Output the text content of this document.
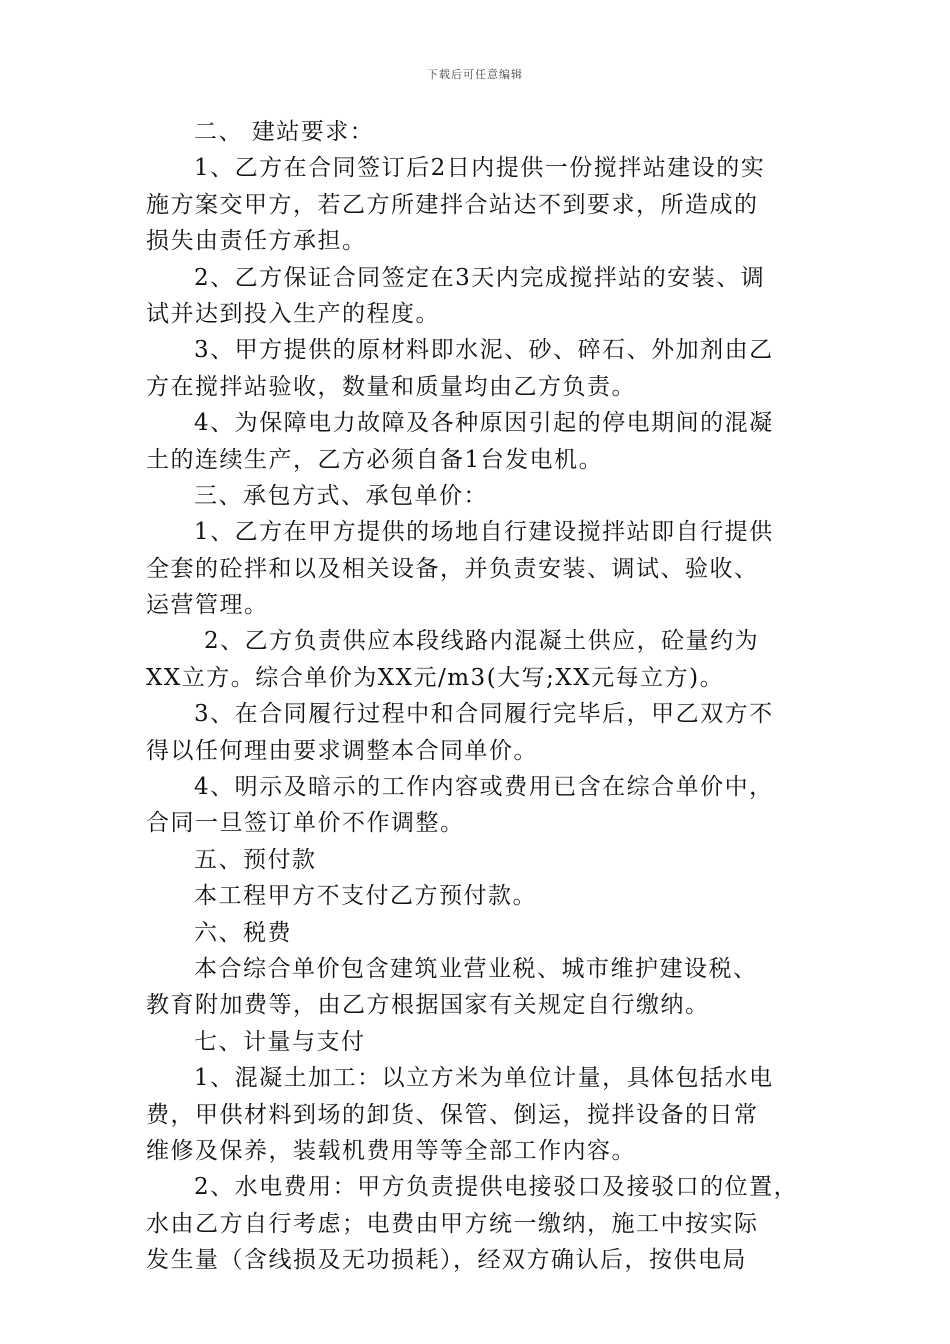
下载后可任意编辑
二、 建站要求：
1、乙方在合同签订后2日内提供一份搅拌站建设的实
施方案交甲方，若乙方所建拌合站达不到要求，所造成的
损失由责任方承担。
2、乙方保证合同签定在3天内完成搅拌站的安装、调
试并达到投入生产的程度。
3、甲方提供的原材料即水泥、砂、碎石、外加剂由乙
方在搅拌站验收，数量和质量均由乙方负责。
4、为保障电力故障及各种原因引起的停电期间的混凝
土的连续生产，乙方必须自备1台发电机。
三、承包方式、承包单价：
1、乙方在甲方提供的场地自行建设搅拌站即自行提供
全套的砼拌和以及相关设备，并负责安装、调试、验收、
运营管理。
2、乙方负责供应本段线路内混凝土供应，砼量约为
XX立方。综合单价为XX元/m3(大写;XX元每立方)。
3、在合同履行过程中和合同履行完毕后，甲乙双方不
得以任何理由要求调整本合同单价。
4、明示及暗示的工作内容或费用已含在综合单价中，
合同一旦签订单价不作调整。
五、预付款
本工程甲方不支付乙方预付款。
六、税费
本合综合单价包含建筑业营业税、城市维护建设税、
教育附加费等，由乙方根据国家有关规定自行缴纳。
七、计量与支付
1、混凝土加工：以立方米为单位计量，具体包括水电
费，甲供材料到场的卸货、保管、倒运，搅拌设备的日常
维修及保养，装载机费用等等全部工作内容。
2、水电费用：甲方负责提供电接驳口及接驳口的位置，
水由乙方自行考虑；电费由甲方统一缴纳，施工中按实际
发生量（含线损及无功损耗），经双方确认后，按供电局
